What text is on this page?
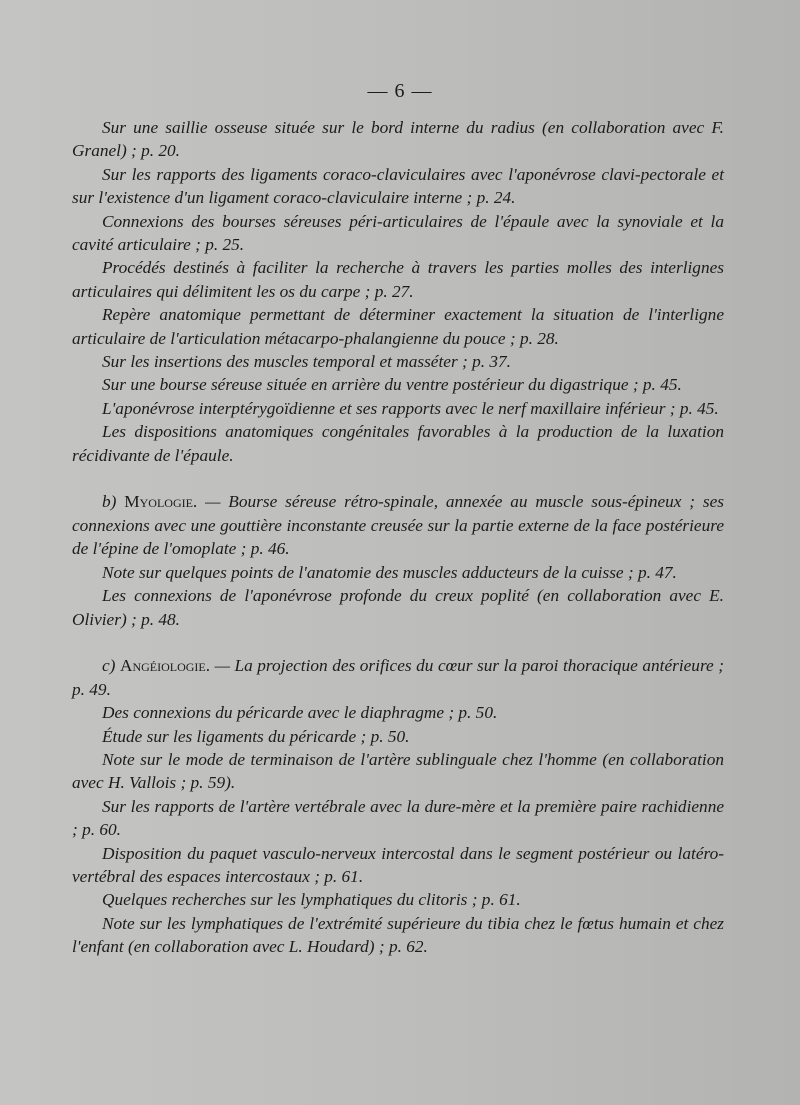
— 6 —

Sur une saillie osseuse située sur le bord interne du radius (en collaboration avec F. Granel) ; p. 20.

Sur les rapports des ligaments coraco-claviculaires avec l'aponévrose clavi-pectorale et sur l'existence d'un ligament coraco-claviculaire interne ; p. 24.

Connexions des bourses séreuses péri-articulaires de l'épaule avec la synoviale et la cavité articulaire ; p. 25.

Procédés destinés à faciliter la recherche à travers les parties molles des interlignes articulaires qui délimitent les os du carpe ; p. 27.

Repère anatomique permettant de déterminer exactement la situation de l'interligne articulaire de l'articulation métacarpo-phalangienne du pouce ; p. 28.

Sur les insertions des muscles temporal et masséter ; p. 37.

Sur une bourse séreuse située en arrière du ventre postérieur du digastrique ; p. 45.

L'aponévrose interptérygoïdienne et ses rapports avec le nerf maxillaire inférieur ; p. 45.

Les dispositions anatomiques congénitales favorables à la production de la luxation récidivante de l'épaule.

b) Myologie. — Bourse séreuse rétro-spinale, annexée au muscle sous-épineux ; ses connexions avec une gouttière inconstante creusée sur la partie externe de la face postérieure de l'épine de l'omoplate ; p. 46.

Note sur quelques points de l'anatomie des muscles adducteurs de la cuisse ; p. 47.

Les connexions de l'aponévrose profonde du creux poplité (en collaboration avec E. Olivier) ; p. 48.

c) Angéiologie. — La projection des orifices du cœur sur la paroi thoracique antérieure ; p. 49.

Des connexions du péricarde avec le diaphragme ; p. 50.

Étude sur les ligaments du péricarde ; p. 50.

Note sur le mode de terminaison de l'artère sublinguale chez l'homme (en collaboration avec H. Vallois ; p. 59).

Sur les rapports de l'artère vertébrale avec la dure-mère et la première paire rachidienne ; p. 60.

Disposition du paquet vasculo-nerveux intercostal dans le segment postérieur ou latéro-vertébral des espaces intercostaux ; p. 61.

Quelques recherches sur les lymphatiques du clitoris ; p. 61.

Note sur les lymphatiques de l'extrémité supérieure du tibia chez le fœtus humain et chez l'enfant (en collaboration avec L. Houdard) ; p. 62.
